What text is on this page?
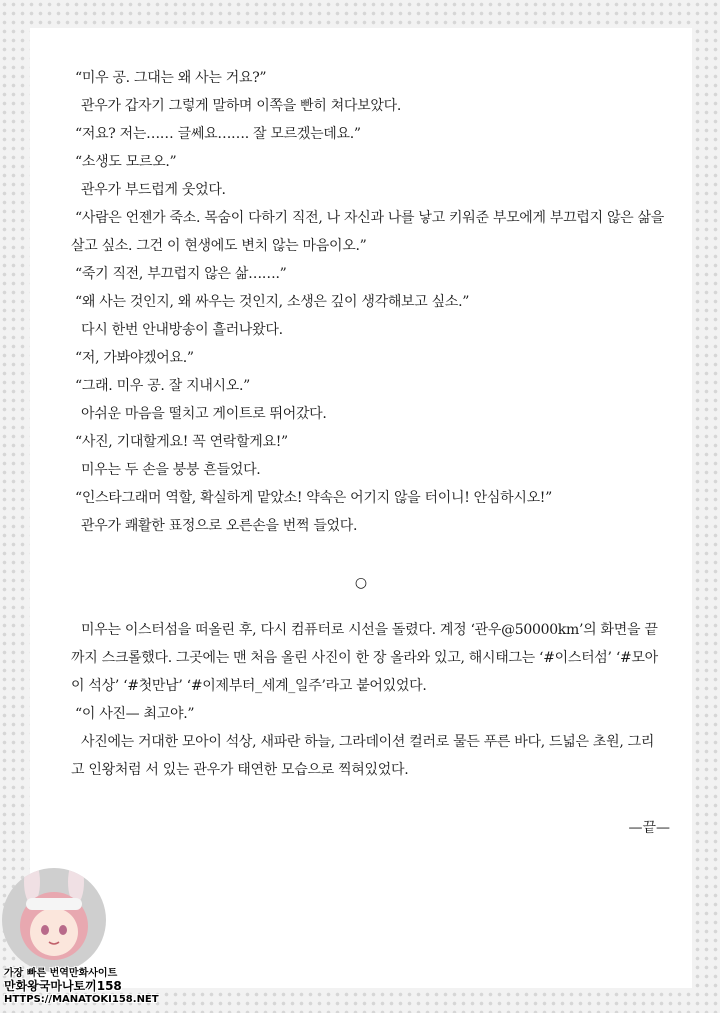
“미우 공. 그대는 왜 사는 거요?”

관우가 갑자기 그렇게 말하며 이쪽을 빤히 쳐다보았다.

“저요? 저는…… 글쎄요……. 잘 모르겠는데요.”

“소생도 모르오.”

관우가 부드럽게 웃었다.

“사람은 언젠가 죽소. 목숨이 다하기 직전, 나 자신과 나를 낳고 키워준 부모에게 부끄럽지 않은 삶을 살고 싶소. 그건 이 현생에도 변치 않는 마음이오.”

“죽기 직전, 부끄럽지 않은 삶…….”

“왜 사는 것인지, 왜 싸우는 것인지, 소생은 깊이 생각해보고 싶소.”

다시 한번 안내방송이 흘러나왔다.

“저, 가봐야겠어요.”

“그래. 미우 공. 잘 지내시오.”

아쉬운 마음을 떨치고 게이트로 뛰어갔다.

“사진, 기대할게요! 꼭 연락할게요!”

미우는 두 손을 붕붕 흔들었다.

“인스타그래머 역할, 확실하게 맡았소! 약속은 어기지 않을 터이니! 안심하시오!”

관우가 쾌활한 표정으로 오른손을 번쩍 들었다.

○

미우는 이스터섬을 떠올린 후, 다시 컴퓨터로 시선을 돌렸다. 계정 ‘관우@50000km’의 화면을 끝까지 스크롤했다. 그곳에는 맨 처음 올린 사진이 한 장 올라와 있고, 해시태그는 ‘#이스터섬’ ‘#모아이 석상’ ‘#첫만남’ ‘#이제부터_세계_일주’라고 붙어있었다.

“이 사진— 최고야.”

사진에는 거대한 모아이 석상, 새파란 하늘, 그라데이션 컬러로 물든 푸른 바다, 드넓은 초원, 그리고 인왕처럼 서 있는 관우가 태연한 모습으로 찍혀있었다.

—끝—
가장 빠른 번역만화사이트
만화왕국마나토끼158
HTTPS://MANATOKI158.NET
